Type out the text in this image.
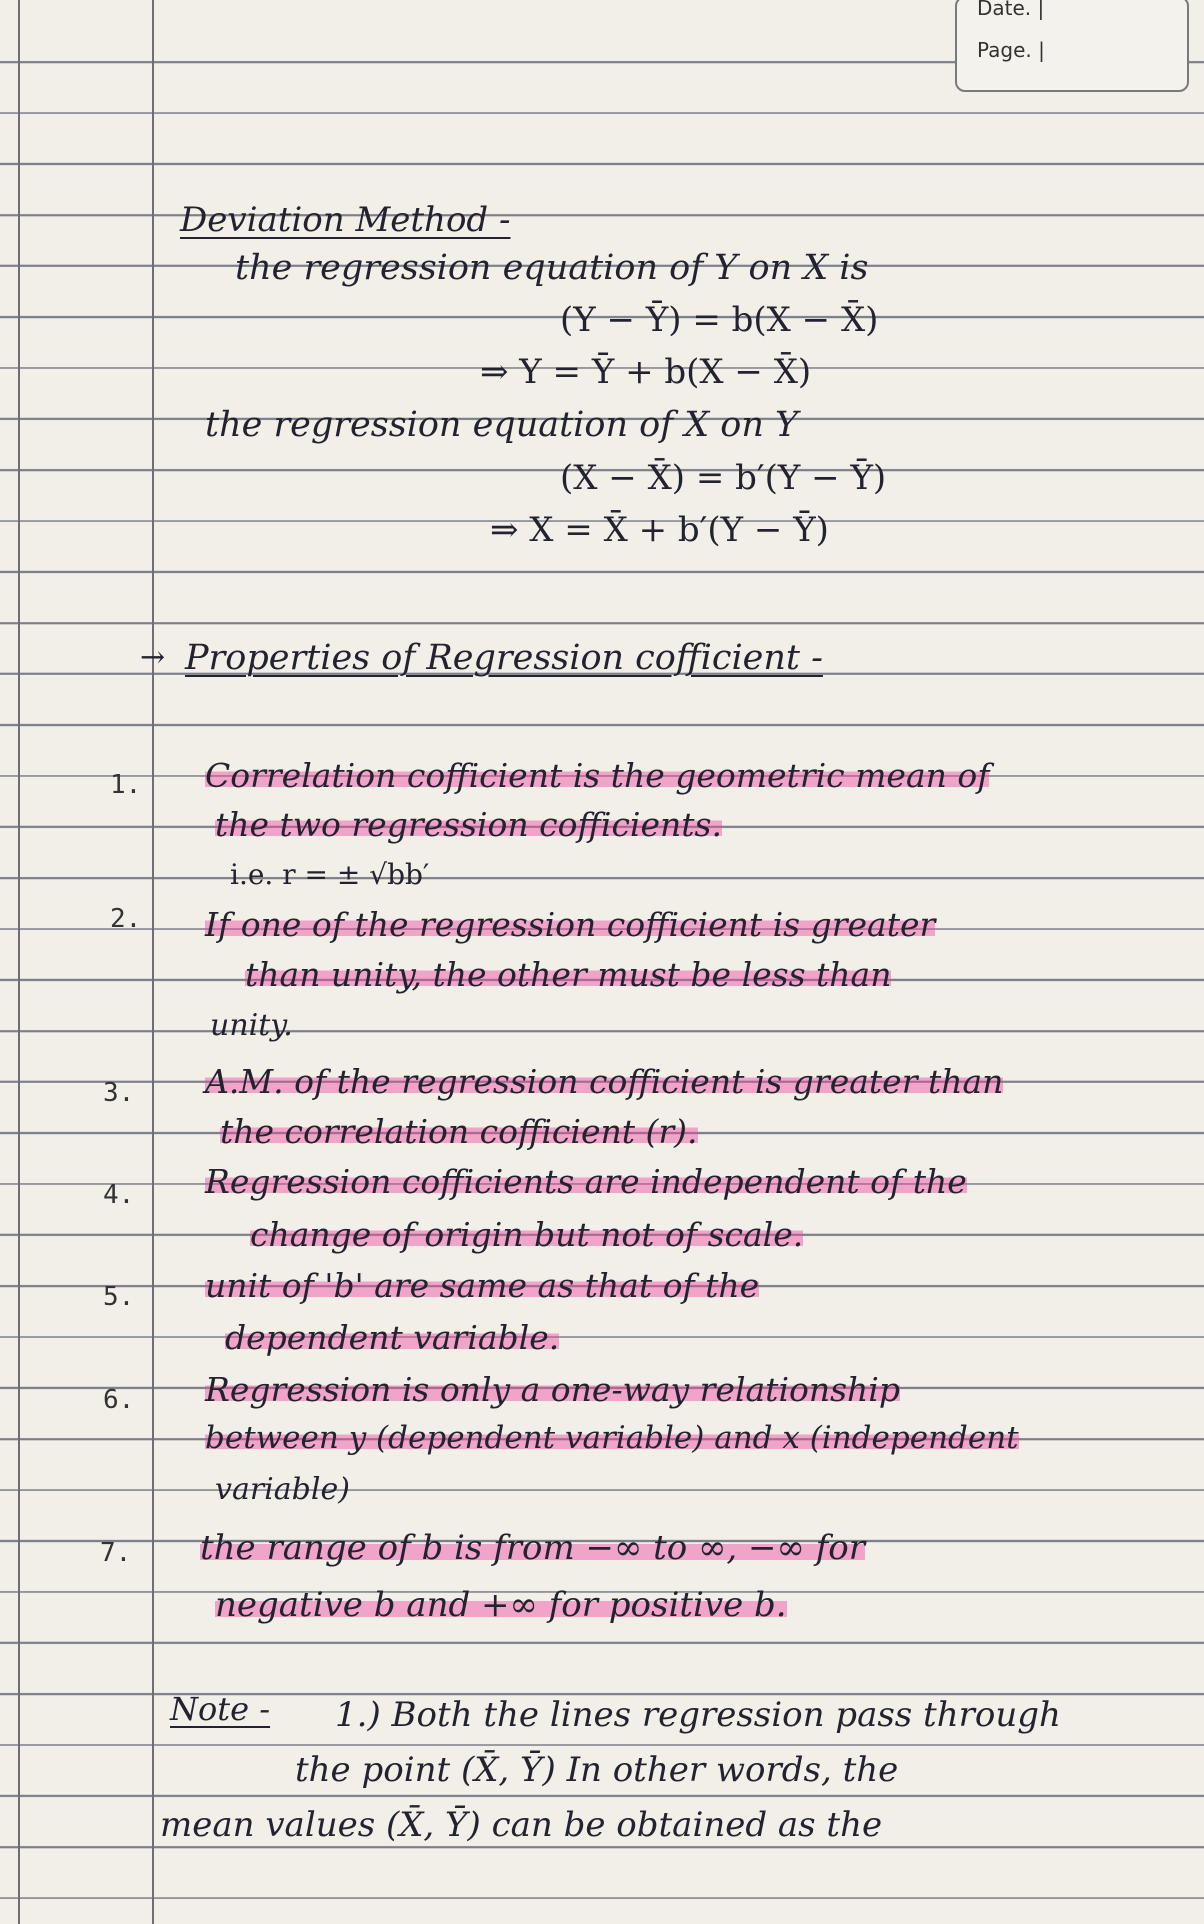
Date. |
Page. |
Deviation Method -
the regression equation of Y on X is
(Y − Ȳ) = b(X − X̄)
⇒ Y = Ȳ + b(X − X̄)
the regression equation of X on Y
(X − X̄) = b′(Y − Ȳ)
⇒ X = X̄ + b′(Y − Ȳ)
→ Properties of Regression cofficient -
1. Correlation cofficient is the geometric mean of
the two regression cofficients.
i.e. r = ± √bb′
2. If one of the regression cofficient is greater
than unity, the other must be less than
unity.
3. A.M. of the regression cofficient is greater than
the correlation cofficient (r).
4. Regression cofficients are independent of the
change of origin but not of scale.
5. unit of 'b' are same as that of the
dependent variable.
6. Regression is only a one-way relationship
between y (dependent variable) and x (independent
variable)
7. the range of b is from −∞ to ∞, −∞ for
negative b and +∞ for positive b.
Note - 1.) Both the lines regression pass through
the point (X̄, Ȳ) In other words, the
mean values (X̄, Ȳ) can be obtained as the
